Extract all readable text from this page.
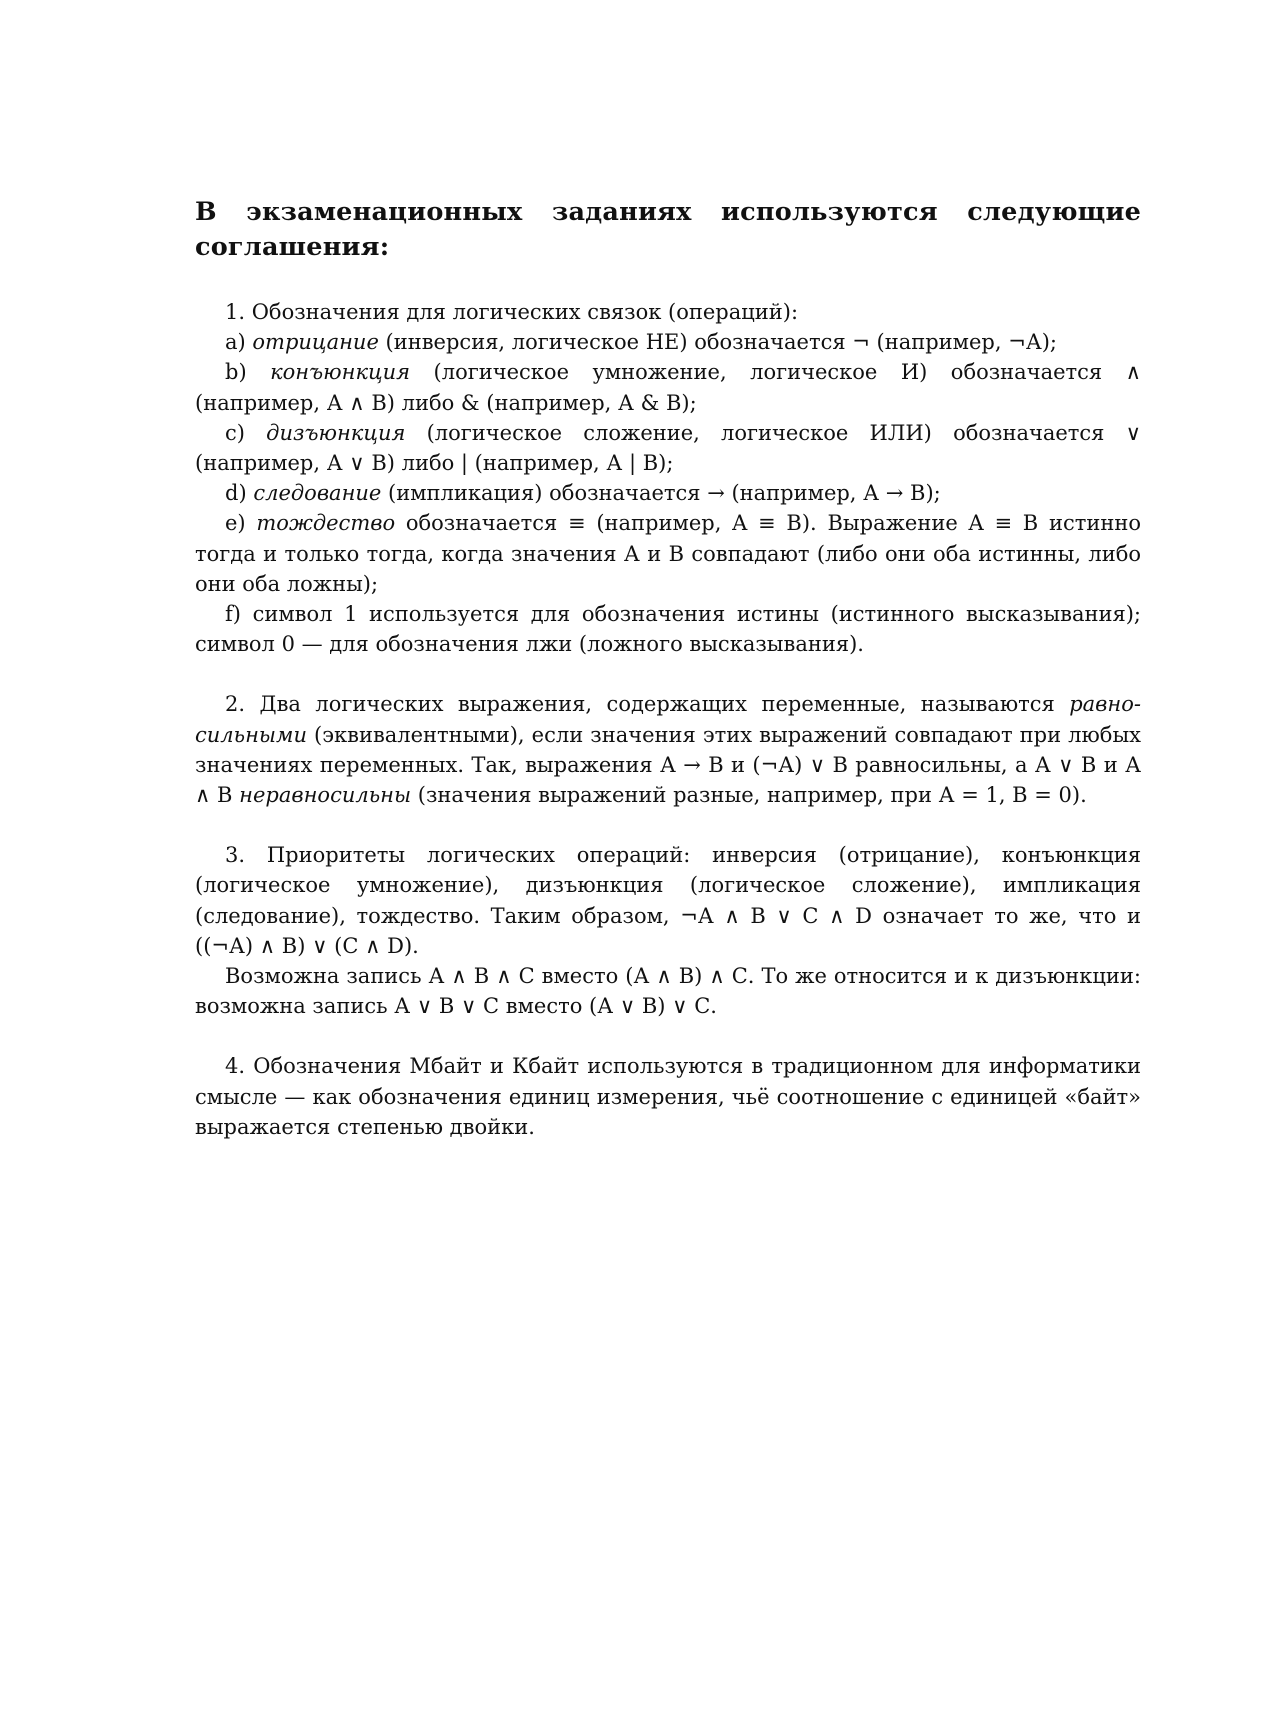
В экзаменационных заданиях используются следующие соглашения:

1. Обозначения для логических связок (операций):

a) отрицание (инверсия, логическое НЕ) обозначается ¬ (например, ¬А);

b) конъюнкция (логическое умножение, логическое И) обозначается ∧ (например, А ∧ В) либо & (например, А & В);

c) дизъюнкция (логическое сложение, логическое ИЛИ) обозначается ∨ (например, А ∨ В) либо | (например, А | В);

d) следование (импликация) обозначается → (например, А → В);

e) тождество обозначается ≡ (например, A ≡ B). Выражение A ≡ B истинно тогда и только тогда, когда значения А и В совпадают (либо они оба истинны, либо они оба ложны);

f) символ 1 используется для обозначения истины (истинного высказывания); символ 0 — для обозначения лжи (ложного высказывания).

2. Два логических выражения, содержащих переменные, называются равносильными (эквивалентными), если значения этих выражений совпадают при любых значениях переменных. Так, выражения А → В и (¬А) ∨ В равносильны, а А ∨ В и А ∧ В неравносильны (значения выражений разные, например, при А = 1, В = 0).

3. Приоритеты логических операций: инверсия (отрицание), конъюнкция (логическое умножение), дизъюнкция (логическое сложение), импликация (следование), тождество. Таким образом, ¬А ∧ В ∨ С ∧ D означает то же, что и ((¬А) ∧ В) ∨ (С ∧ D).

Возможна запись А ∧ В ∧ С вместо (А ∧ В) ∧ С. То же относится и к дизъюнкции: возможна запись А ∨ В ∨ С вместо (А ∨ В) ∨ С.

4. Обозначения Мбайт и Кбайт используются в традиционном для информатики смысле — как обозначения единиц измерения, чьё соотношение с единицей «байт» выражается степенью двойки.
